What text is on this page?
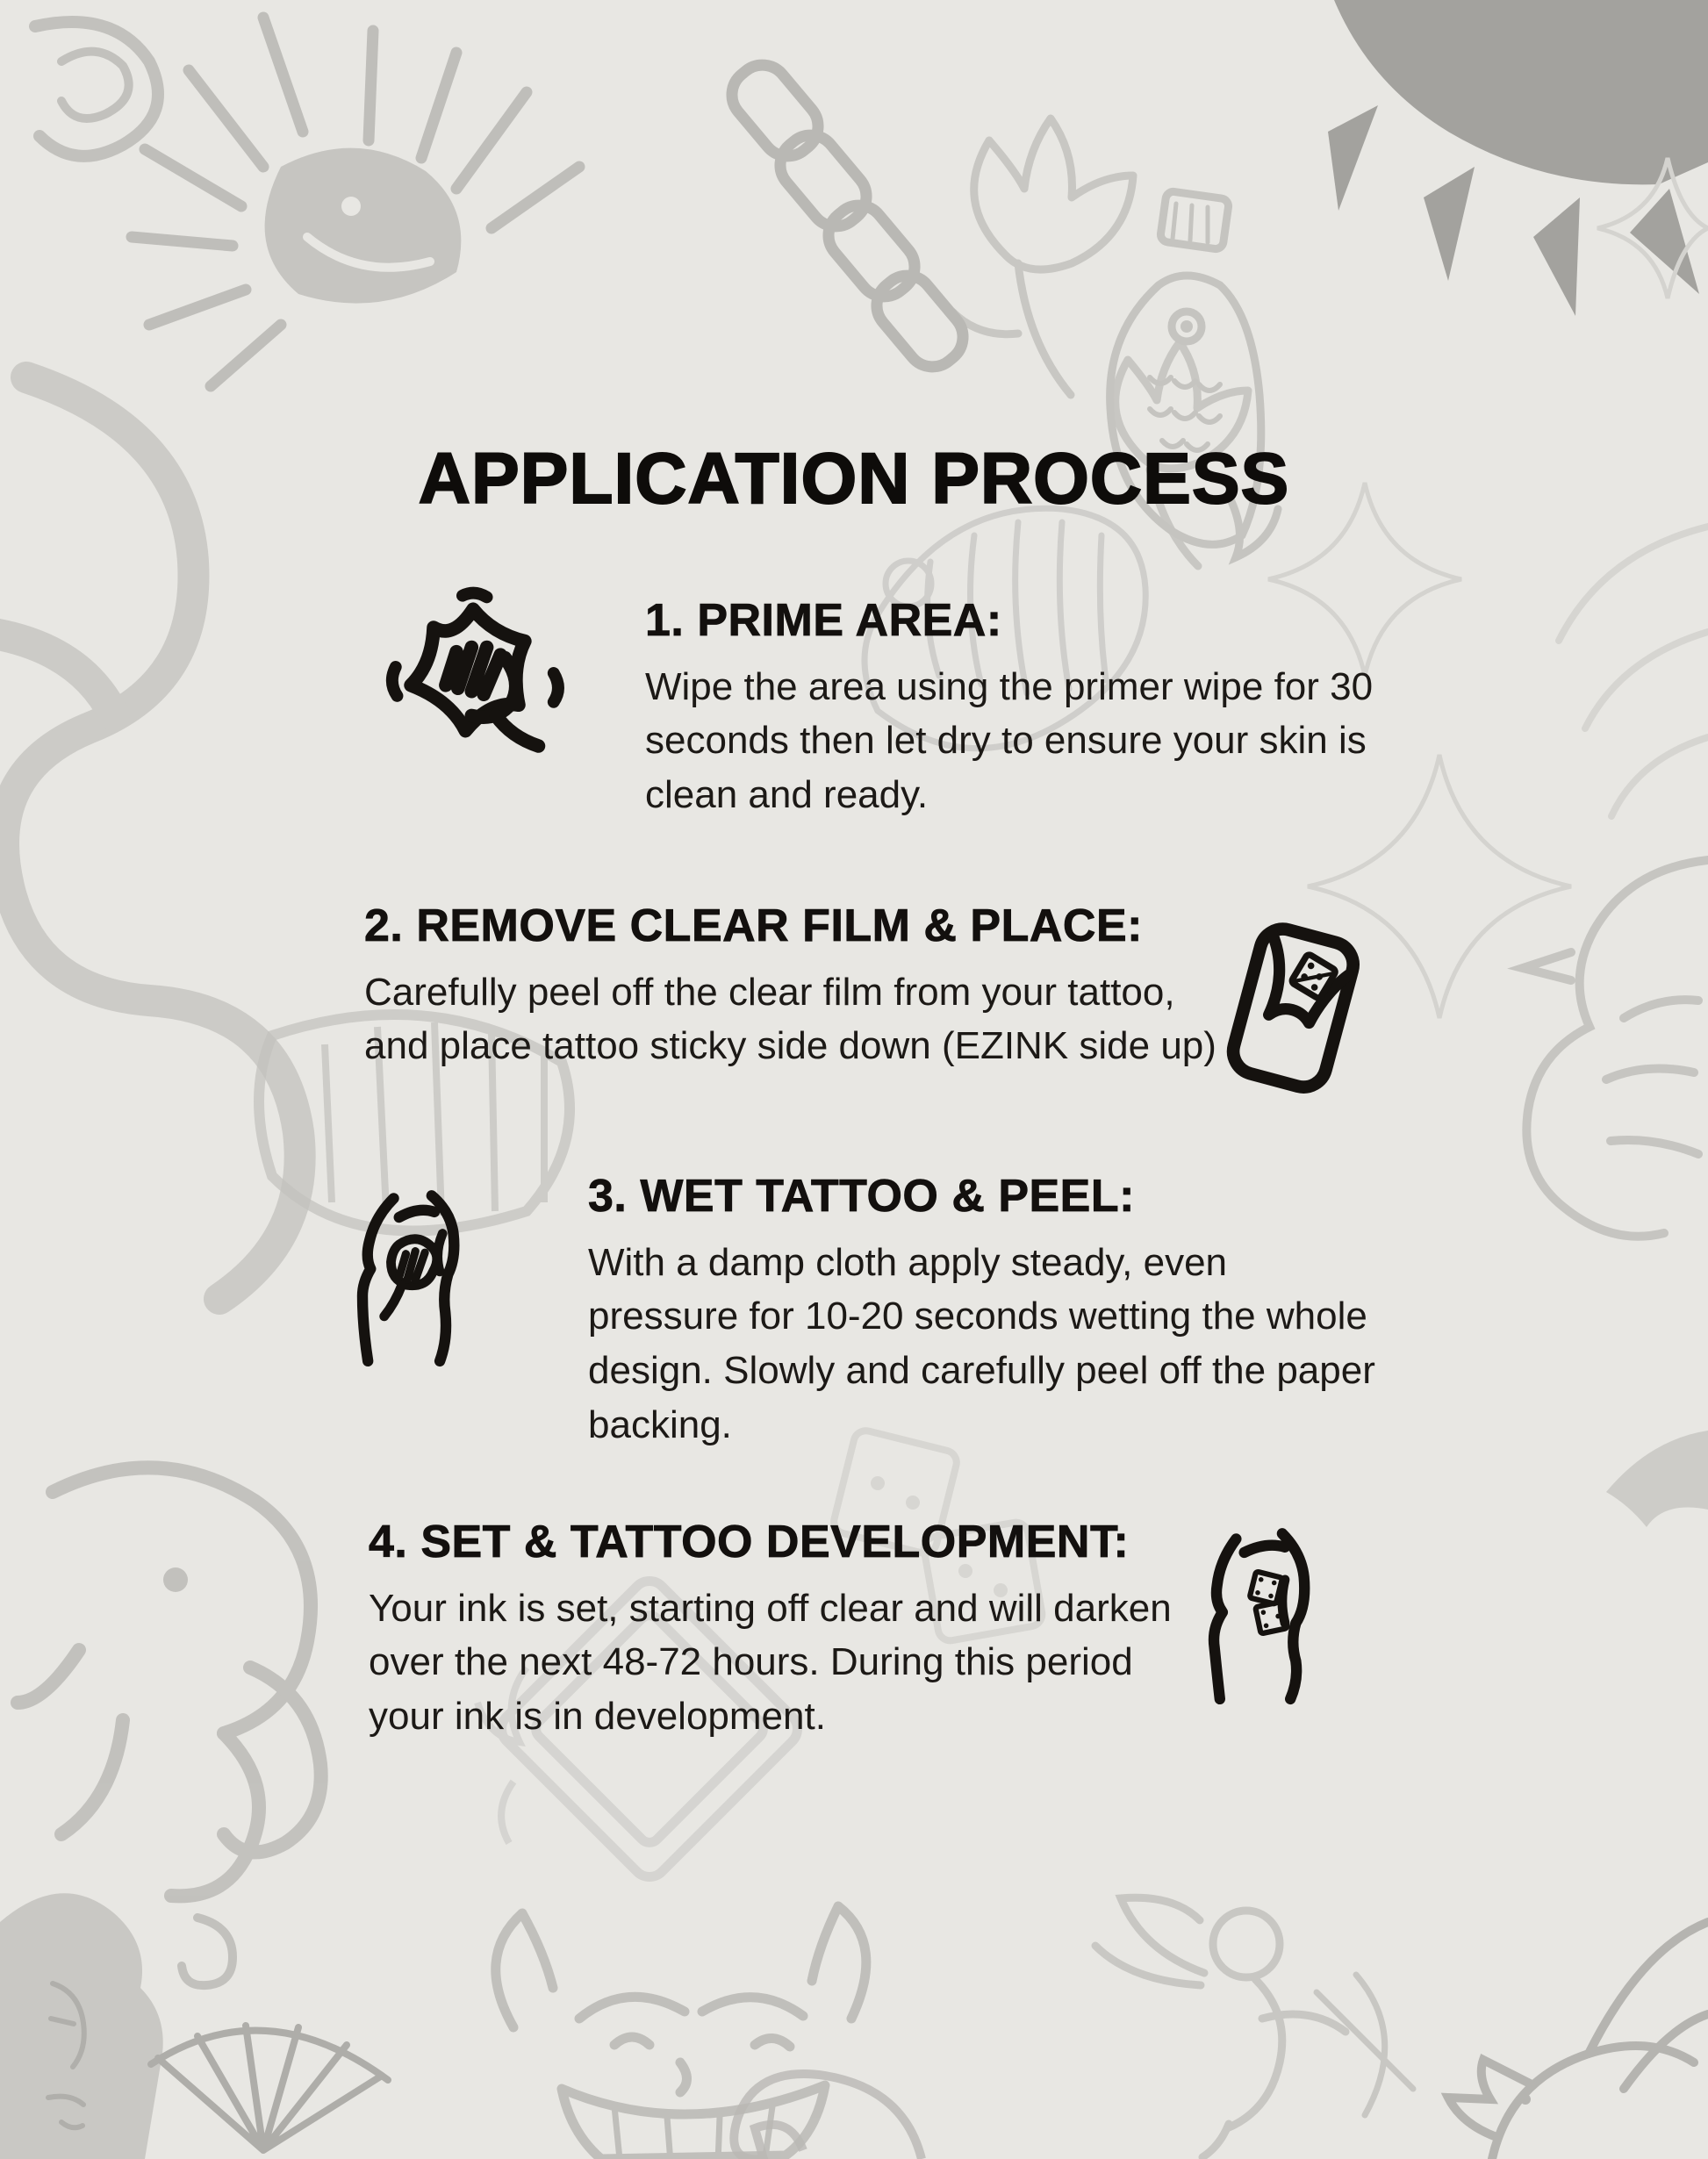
APPLICATION PROCESS
1. PRIME AREA:

Wipe the area using the primer wipe for 30 seconds then let dry to ensure your skin is clean and ready.

2. REMOVE CLEAR FILM & PLACE:

Carefully peel off the clear film from your tattoo, and place tattoo sticky side down (EZINK side up)

3. WET TATTOO & PEEL:

With a damp cloth apply steady, even pressure for 10-20 seconds wetting the whole design. Slowly and carefully peel off the paper backing.

4. SET & TATTOO DEVELOPMENT:

Your ink is set, starting off clear and will darken over the next 48-72 hours. During this period your ink is in development.
